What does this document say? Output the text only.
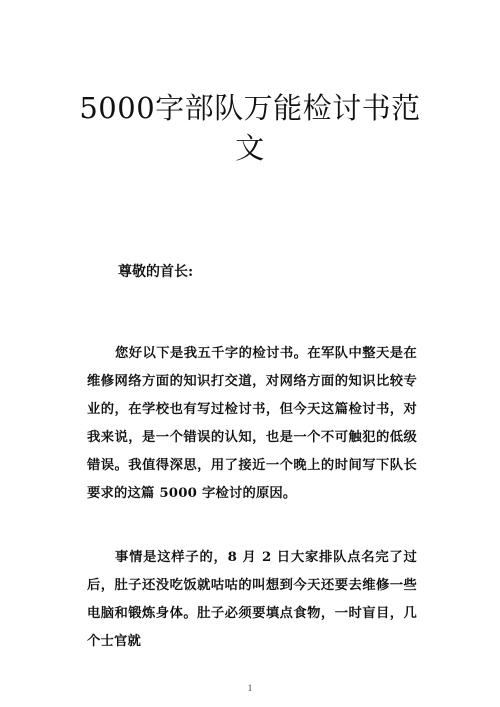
5000字部队万能检讨书范文

尊敬的首长:

您好以下是我五千字的检讨书。在军队中整天是在维修网络方面的知识打交道，对网络方面的知识比较专业的，在学校也有写过检讨书，但今天这篇检讨书，对我来说，是一个错误的认知，也是一个不可触犯的低级错误。我值得深思，用了接近一个晚上的时间写下队长要求的这篇 5000 字检讨的原因。

事情是这样子的，8 月 2 日大家排队点名完了过后，肚子还没吃饭就咕咕的叫想到今天还要去维修一些电脑和锻炼身体。肚子必须要填点食物，一时盲目，几个士官就

1
